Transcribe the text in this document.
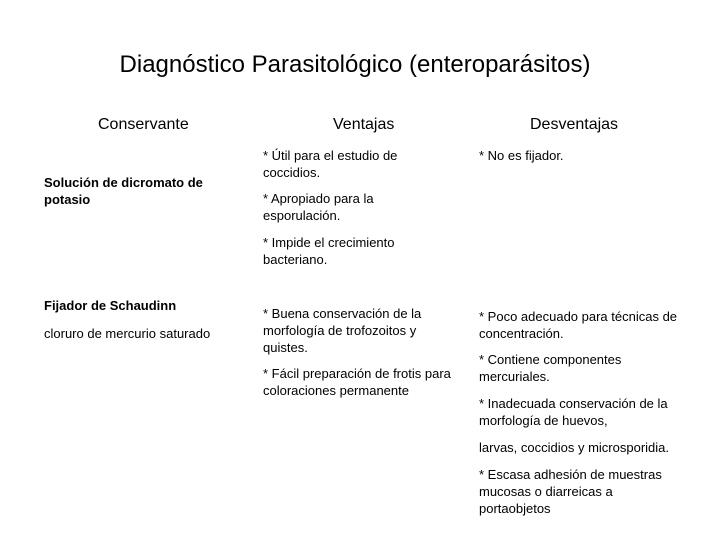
Diagnóstico Parasitológico (enteroparásitos)
Conservante	Ventajas	Desventajas
Solución de dicromato de potasio
* Útil para el estudio de coccidios.
* Apropiado para la esporulación.
* Impide el crecimiento bacteriano.
* No es fijador.
Fijador de Schaudinn
cloruro de mercurio saturado
* Buena conservación de la morfología de trofozoitos y quistes.
* Fácil preparación de frotis para coloraciones permanente
* Poco adecuado para técnicas de concentración.
* Contiene componentes mercuriales.
* Inadecuada conservación de la morfología de huevos,
larvas, coccidios y microsporidia.
* Escasa adhesión de muestras mucosas o diarreicas a portaobjetos
